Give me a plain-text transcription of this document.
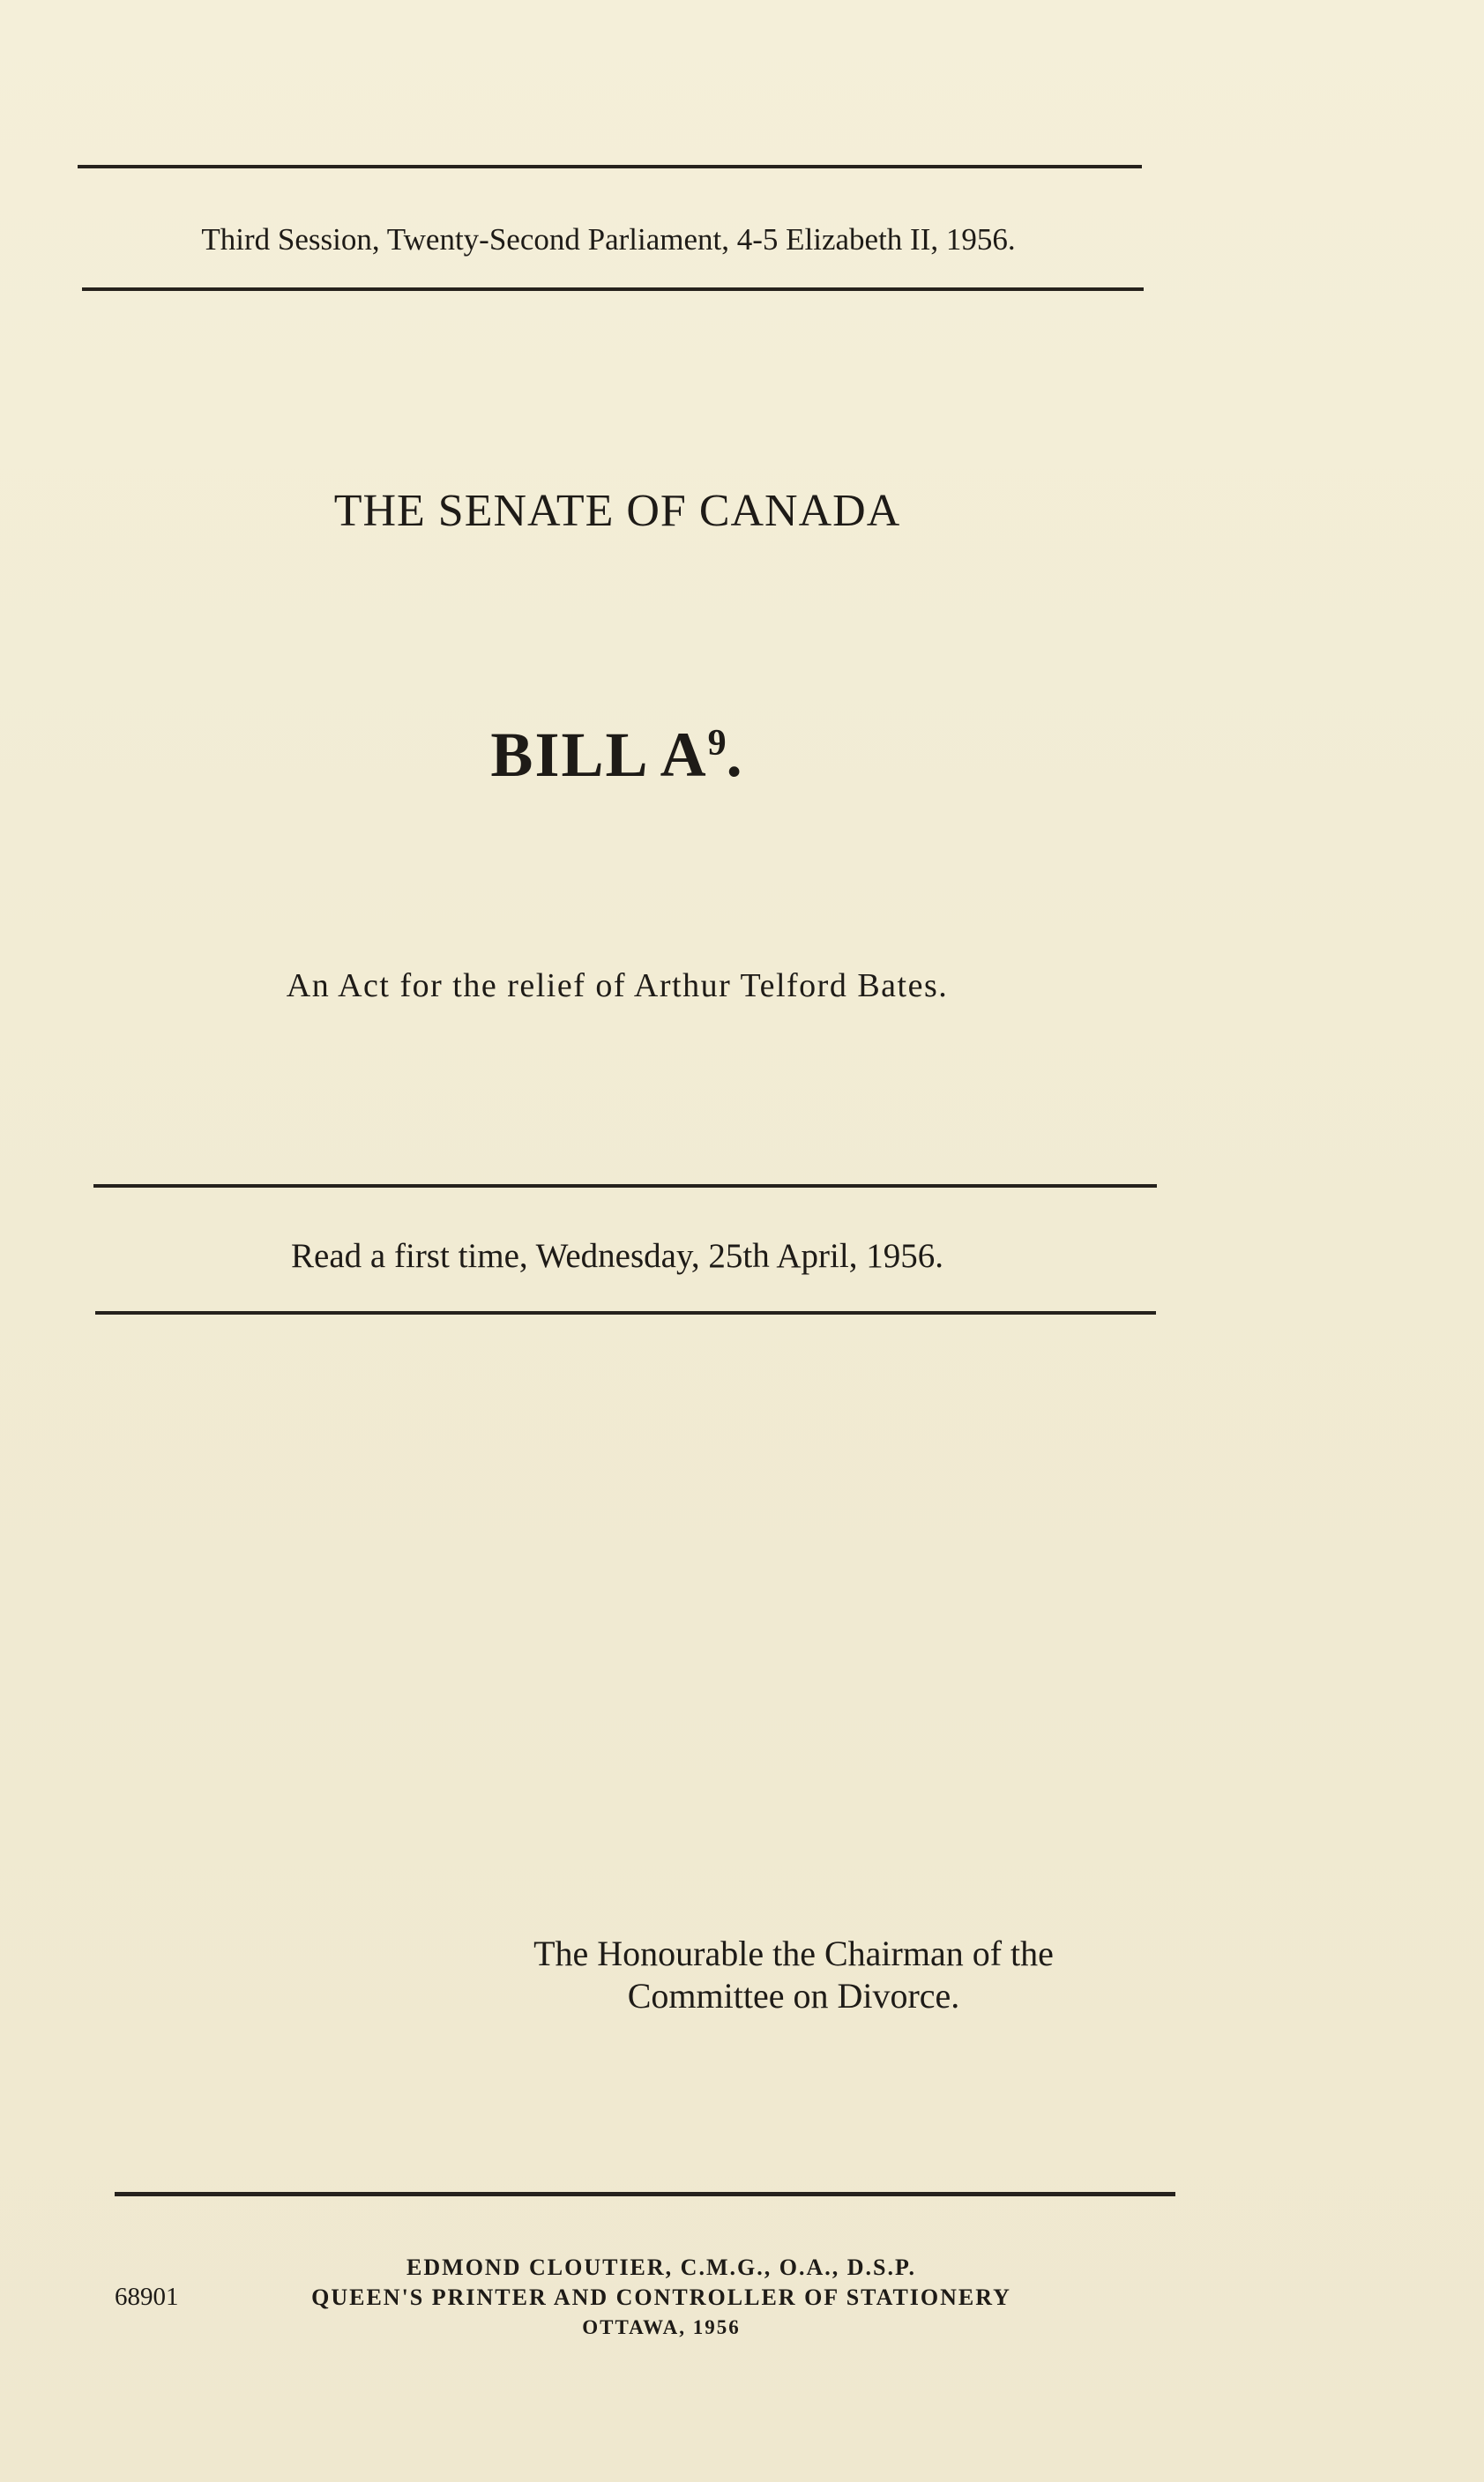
Third Session, Twenty-Second Parliament, 4-5 Elizabeth II, 1956.
THE SENATE OF CANADA
BILL $A^9$.
An Act for the relief of Arthur Telford Bates.
Read a first time, Wednesday, 25th April, 1956.
The Honourable the Chairman of the
Committee on Divorce.
68901
EDMOND CLOUTIER, C.M.G., O.A., D.S.P.
QUEEN'S PRINTER AND CONTROLLER OF STATIONERY
OTTAWA, 1956
